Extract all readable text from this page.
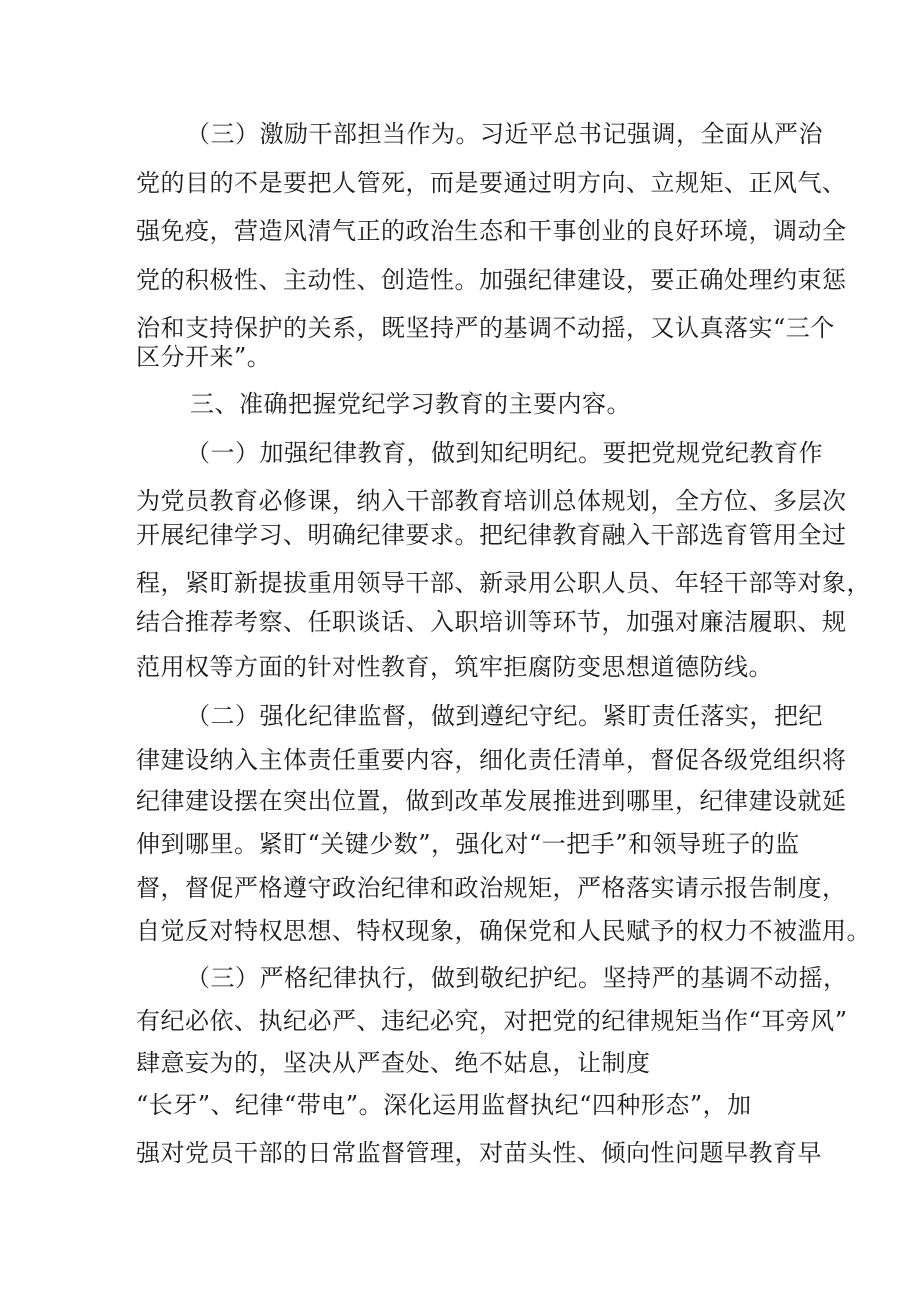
（三）激励干部担当作为。习近平总书记强调，全面从严治

党的目的不是要把人管死，而是要通过明方向、立规矩、正风气、

强免疫，营造风清气正的政治生态和干事创业的良好环境，调动全

党的积极性、主动性、创造性。加强纪律建设，要正确处理约束惩

治和支持保护的关系，既坚持严的基调不动摇，又认真落实“三个

区分开来”。

三、准确把握党纪学习教育的主要内容。

（一）加强纪律教育，做到知纪明纪。要把党规党纪教育作

为党员教育必修课，纳入干部教育培训总体规划，全方位、多层次

开展纪律学习、明确纪律要求。把纪律教育融入干部选育管用全过

程，紧盯新提拔重用领导干部、新录用公职人员、年轻干部等对象，

结合推荐考察、任职谈话、入职培训等环节，加强对廉洁履职、规

范用权等方面的针对性教育，筑牢拒腐防变思想道德防线。

（二）强化纪律监督，做到遵纪守纪。紧盯责任落实，把纪

律建设纳入主体责任重要内容，细化责任清单，督促各级党组织将

纪律建设摆在突出位置，做到改革发展推进到哪里，纪律建设就延

伸到哪里。紧盯“关键少数”，强化对“一把手”和领导班子的监

督，督促严格遵守政治纪律和政治规矩，严格落实请示报告制度，

自觉反对特权思想、特权现象，确保党和人民赋予的权力不被滥用。

（三）严格纪律执行，做到敬纪护纪。坚持严的基调不动摇，

有纪必依、执纪必严、违纪必究，对把党的纪律规矩当作“耳旁风”

肆意妄为的，坚决从严查处、绝不姑息，让制度

“长牙”、纪律“带电”。深化运用监督执纪“四种形态”，加

强对党员干部的日常监督管理，对苗头性、倾向性问题早教育早
